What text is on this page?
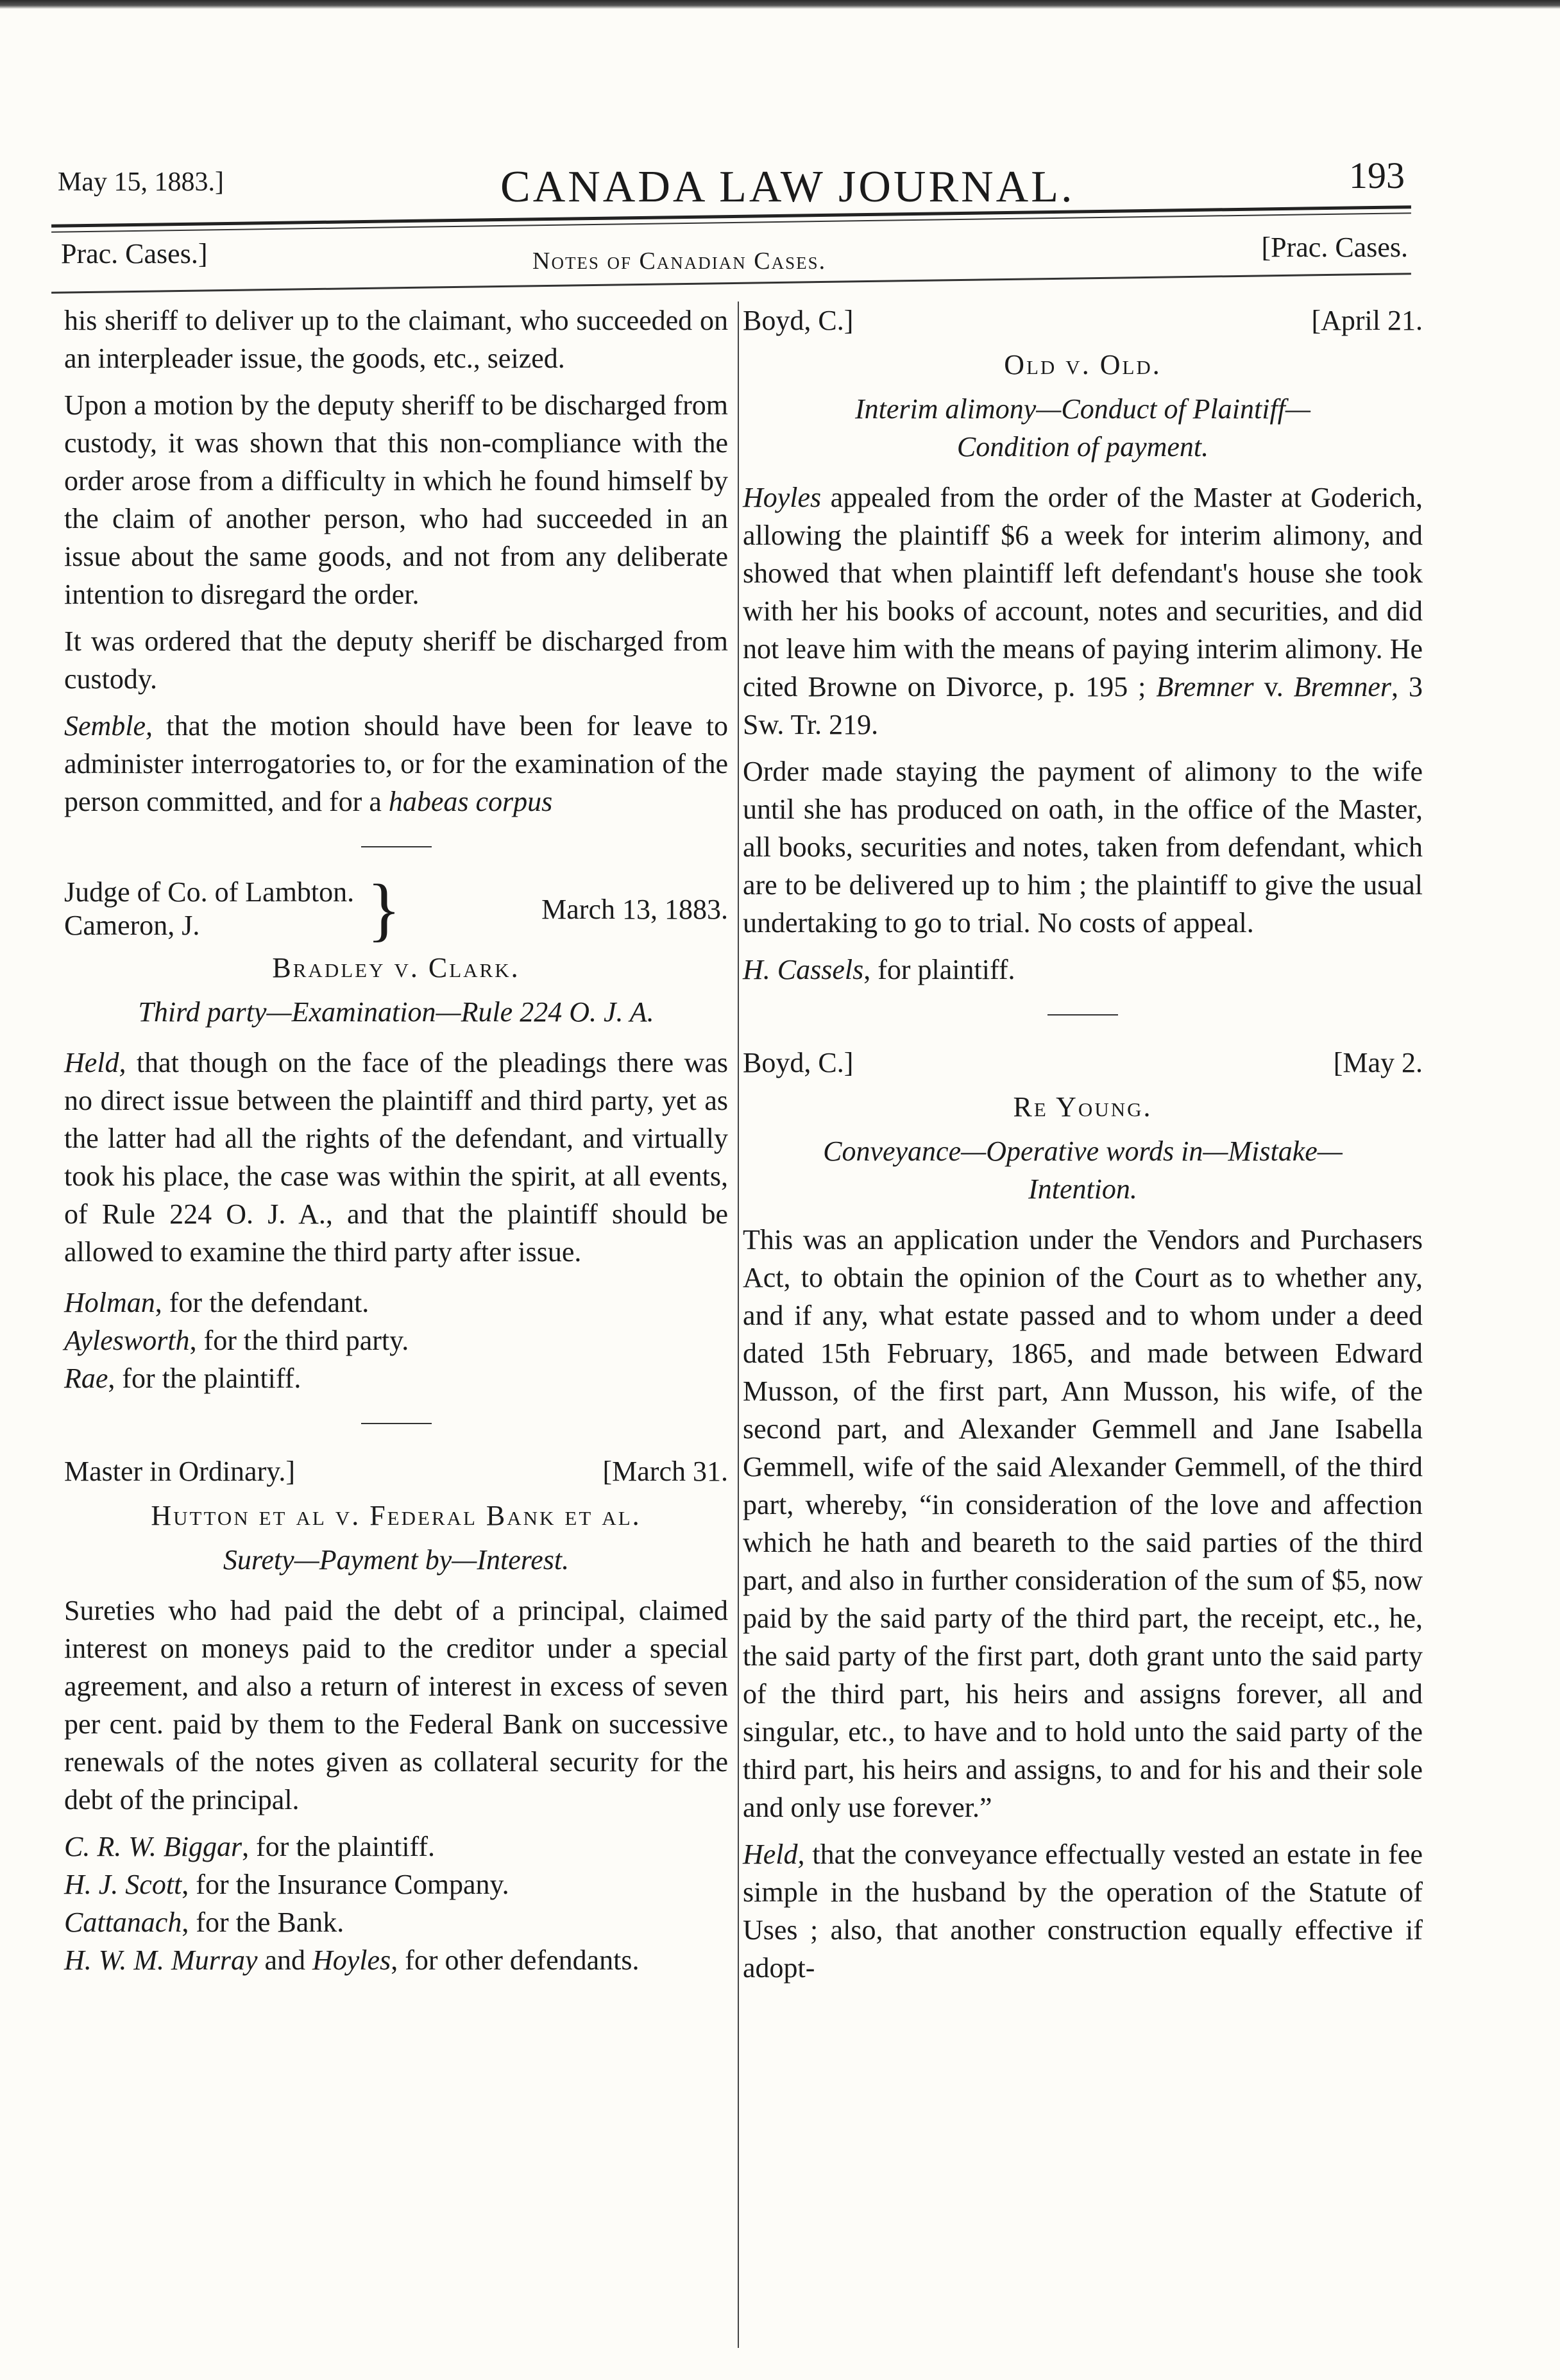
May 15, 1883.]	CANADA LAW JOURNAL.	193
Prac. Cases.]	Notes of Canadian Cases.	[Prac. Cases.

his sheriff to deliver up to the claimant, who succeeded on an interpleader issue, the goods, etc., seized.

Upon a motion by the deputy sheriff to be discharged from custody, it was shown that this non-compliance with the order arose from a difficulty in which he found himself by the claim of another person, who had succeeded in an issue about the same goods, and not from any deliberate intention to disregard the order.

It was ordered that the deputy sheriff be discharged from custody.

Semble, that the motion should have been for leave to administer interrogatories to, or for the examination of the person committed, and for a habeas corpus

Judge of Co. of Lambton.
Cameron, J.	}	March 13, 1883.
Bradley v. Clark.
Third party—Examination—Rule 224 O. J. A.

Held, that though on the face of the pleadings there was no direct issue between the plaintiff and third party, yet as the latter had all the rights of the defendant, and virtually took his place, the case was within the spirit, at all events, of Rule 224 O. J. A., and that the plaintiff should be allowed to examine the third party after issue.

Holman, for the defendant.

Aylesworth, for the third party.

Rae, for the plaintiff.

Master in Ordinary.]	[March 31.
Hutton et al v. Federal Bank et al.
Surety—Payment by—Interest.

Sureties who had paid the debt of a principal, claimed interest on moneys paid to the creditor under a special agreement, and also a return of interest in excess of seven per cent. paid by them to the Federal Bank on successive renewals of the notes given as collateral security for the debt of the principal.

C. R. W. Biggar, for the plaintiff.

H. J. Scott, for the Insurance Company.

Cattanach, for the Bank.

H. W. M. Murray and Hoyles, for other defendants.

Boyd, C.]	[April 21.
Old v. Old.
Interim alimony—Conduct of Plaintiff—
Condition of payment.

Hoyles appealed from the order of the Master at Goderich, allowing the plaintiff $6 a week for interim alimony, and showed that when plaintiff left defendant's house she took with her his books of account, notes and securities, and did not leave him with the means of paying interim alimony. He cited Browne on Divorce, p. 195 ; Bremner v. Bremner, 3 Sw. Tr. 219.

Order made staying the payment of alimony to the wife until she has produced on oath, in the office of the Master, all books, securities and notes, taken from defendant, which are to be delivered up to him ; the plaintiff to give the usual undertaking to go to trial. No costs of appeal.

H. Cassels, for plaintiff.

Boyd, C.]	[May 2.
Re Young.
Conveyance—Operative words in—Mistake—
Intention.

This was an application under the Vendors and Purchasers Act, to obtain the opinion of the Court as to whether any, and if any, what estate passed and to whom under a deed dated 15th February, 1865, and made between Edward Musson, of the first part, Ann Musson, his wife, of the second part, and Alexander Gemmell and Jane Isabella Gemmell, wife of the said Alexander Gemmell, of the third part, whereby, “in consideration of the love and affection which he hath and beareth to the said parties of the third part, and also in further consideration of the sum of $5, now paid by the said party of the third part, the receipt, etc., he, the said party of the first part, doth grant unto the said party of the third part, his heirs and assigns forever, all and singular, etc., to have and to hold unto the said party of the third part, his heirs and assigns, to and for his and their sole and only use forever.”

Held, that the conveyance effectually vested an estate in fee simple in the husband by the operation of the Statute of Uses ; also, that another construction equally effective if adopt-
